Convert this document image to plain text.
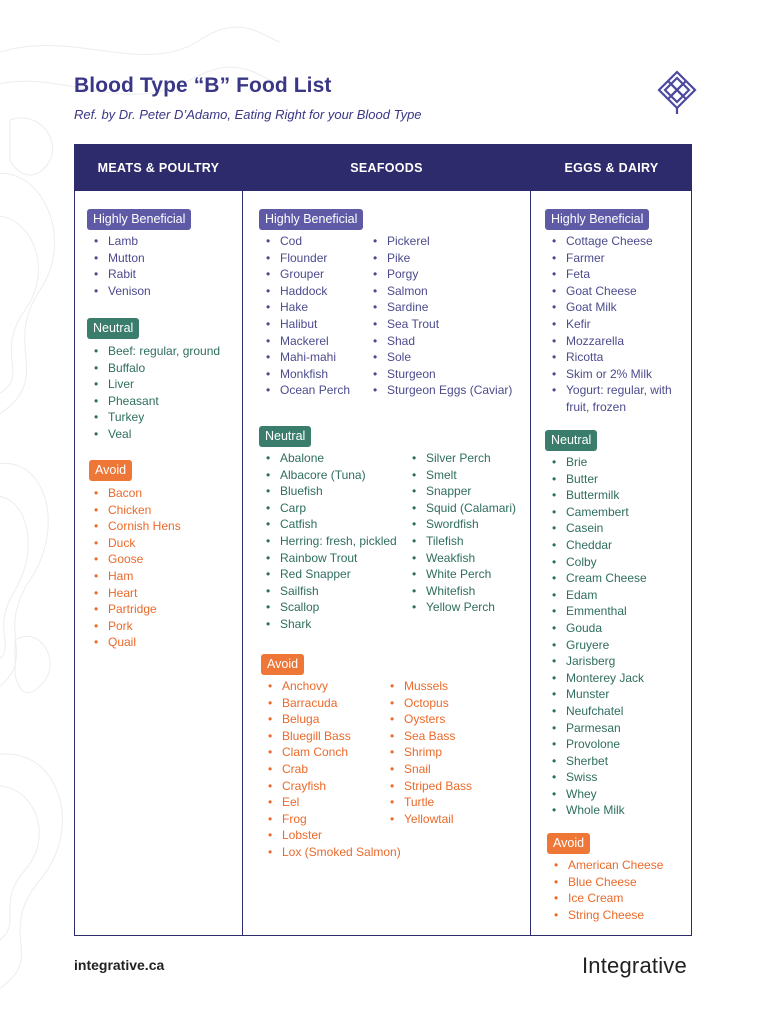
Blood Type “B” Food List
Ref. by Dr. Peter D’Adamo, Eating Right for your Blood Type
MEATS & POULTRY	SEAFOODS	EGGS & DAIRY
Highly Beneficial
• Lamb
• Mutton
• Rabit
• Venison
Neutral
• Beef: regular, ground
• Buffalo
• Liver
• Pheasant
• Turkey
• Veal
Avoid
• Bacon
• Chicken
• Cornish Hens
• Duck
• Goose
• Ham
• Heart
• Partridge
• Pork
• Quail
Highly Beneficial
• Cod
• Flounder
• Grouper
• Haddock
• Hake
• Halibut
• Mackerel
• Mahi-mahi
• Monkfish
• Ocean Perch
• Pickerel
• Pike
• Porgy
• Salmon
• Sardine
• Sea Trout
• Shad
• Sole
• Sturgeon
• Sturgeon Eggs (Caviar)
Neutral
• Abalone
• Albacore (Tuna)
• Bluefish
• Carp
• Catfish
• Herring: fresh, pickled
• Rainbow Trout
• Red Snapper
• Sailfish
• Scallop
• Shark
• Silver Perch
• Smelt
• Snapper
• Squid (Calamari)
• Swordfish
• Tilefish
• Weakfish
• White Perch
• Whitefish
• Yellow Perch
Avoid
• Anchovy
• Barracuda
• Beluga
• Bluegill Bass
• Clam Conch
• Crab
• Crayfish
• Eel
• Frog
• Lobster
• Lox (Smoked Salmon)
• Mussels
• Octopus
• Oysters
• Sea Bass
• Shrimp
• Snail
• Striped Bass
• Turtle
• Yellowtail
Highly Beneficial
• Cottage Cheese
• Farmer
• Feta
• Goat Cheese
• Goat Milk
• Kefir
• Mozzarella
• Ricotta
• Skim or 2% Milk
• Yogurt: regular, with fruit, frozen
Neutral
• Brie
• Butter
• Buttermilk
• Camembert
• Casein
• Cheddar
• Colby
• Cream Cheese
• Edam
• Emmenthal
• Gouda
• Gruyere
• Jarisberg
• Monterey Jack
• Munster
• Neufchatel
• Parmesan
• Provolone
• Sherbet
• Swiss
• Whey
• Whole Milk
Avoid
• American Cheese
• Blue Cheese
• Ice Cream
• String Cheese
integrative.ca	Integrative
